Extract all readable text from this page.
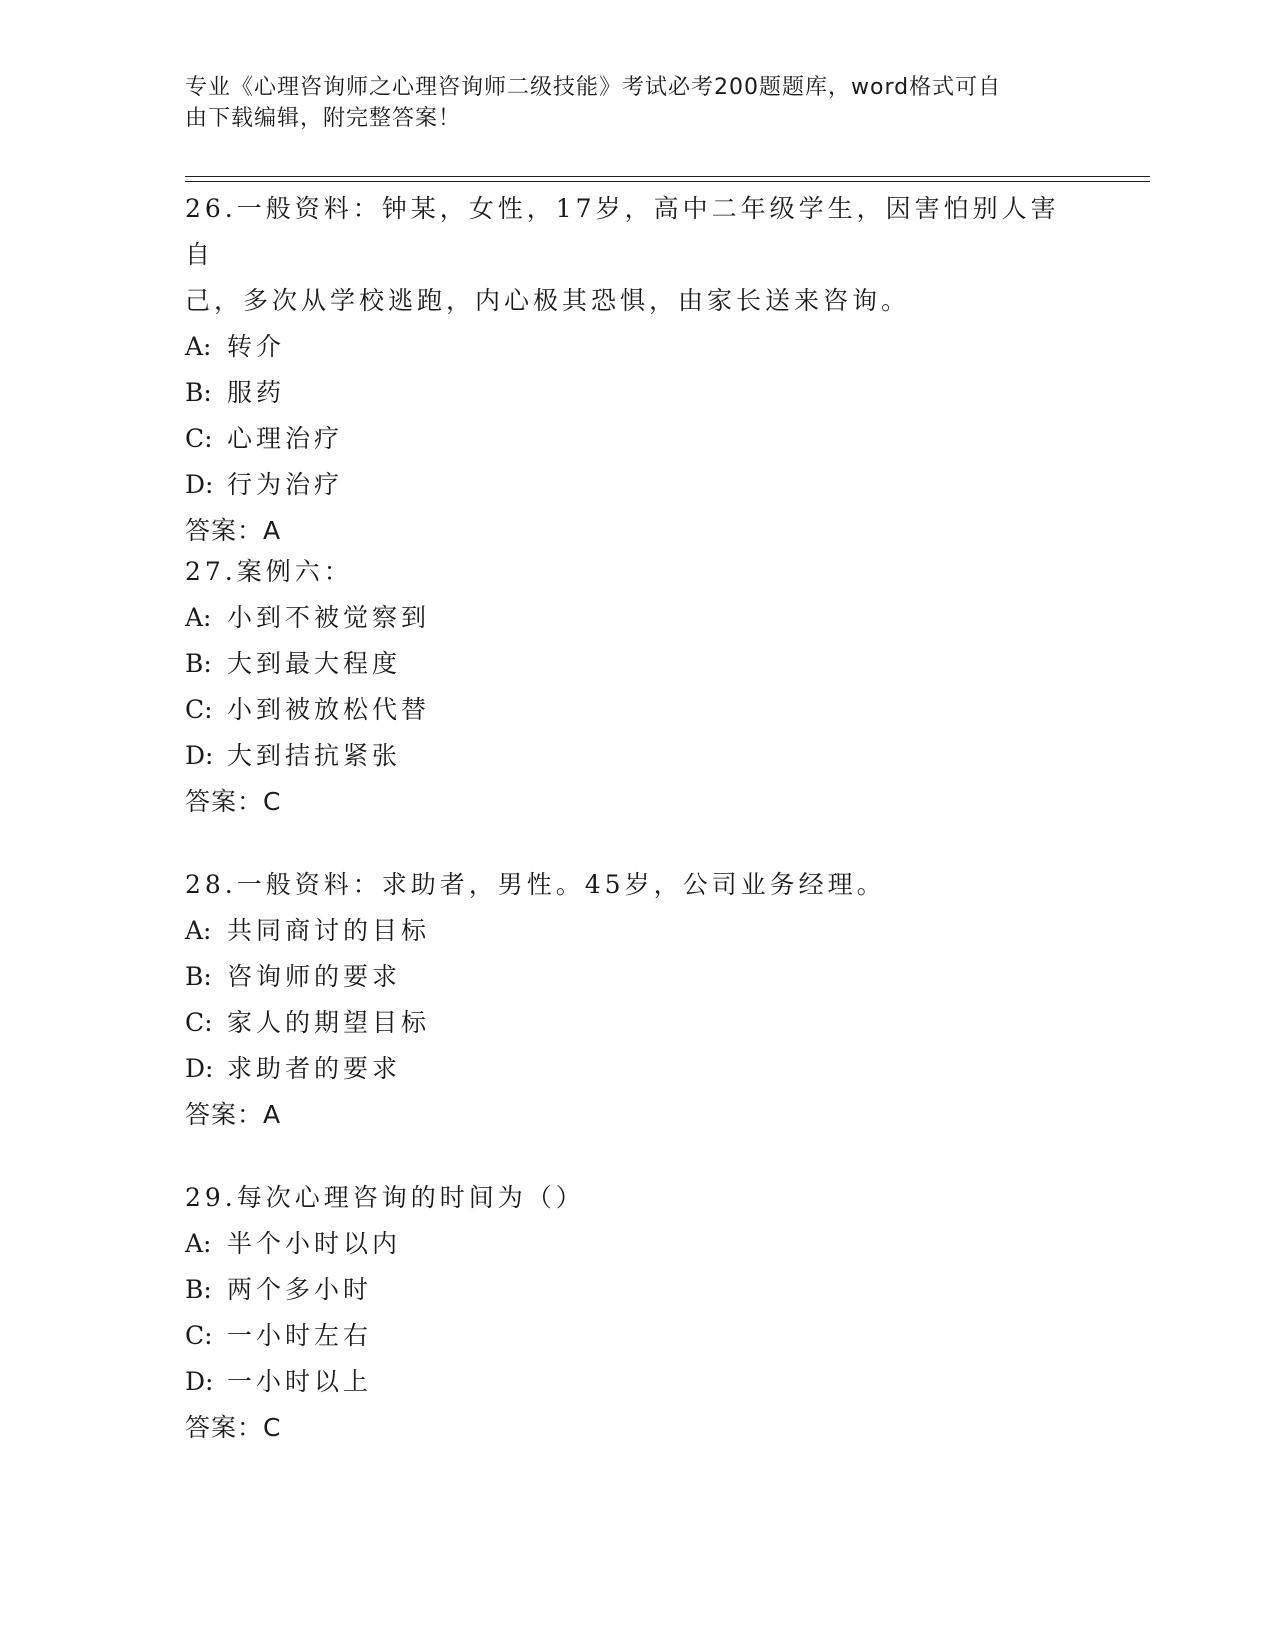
专业《心理咨询师之心理咨询师二级技能》考试必考200题题库，word格式可自
由下载编辑，附完整答案！

26.一般资料：钟某，女性，17岁，高中二年级学生，因害怕别人害自

己，多次从学校逃跑，内心极其恐惧，由家长送来咨询。

A: 转介

B: 服药

C: 心理治疗

D: 行为治疗

答案：A

27.案例六：

A: 小到不被觉察到

B: 大到最大程度

C: 小到被放松代替

D: 大到拮抗紧张

答案：C

28.一般资料：求助者，男性。45岁，公司业务经理。

A: 共同商讨的目标

B: 咨询师的要求

C: 家人的期望目标

D: 求助者的要求

答案：A

29.每次心理咨询的时间为（）

A: 半个小时以内

B: 两个多小时

C: 一小时左右

D: 一小时以上

答案：C
